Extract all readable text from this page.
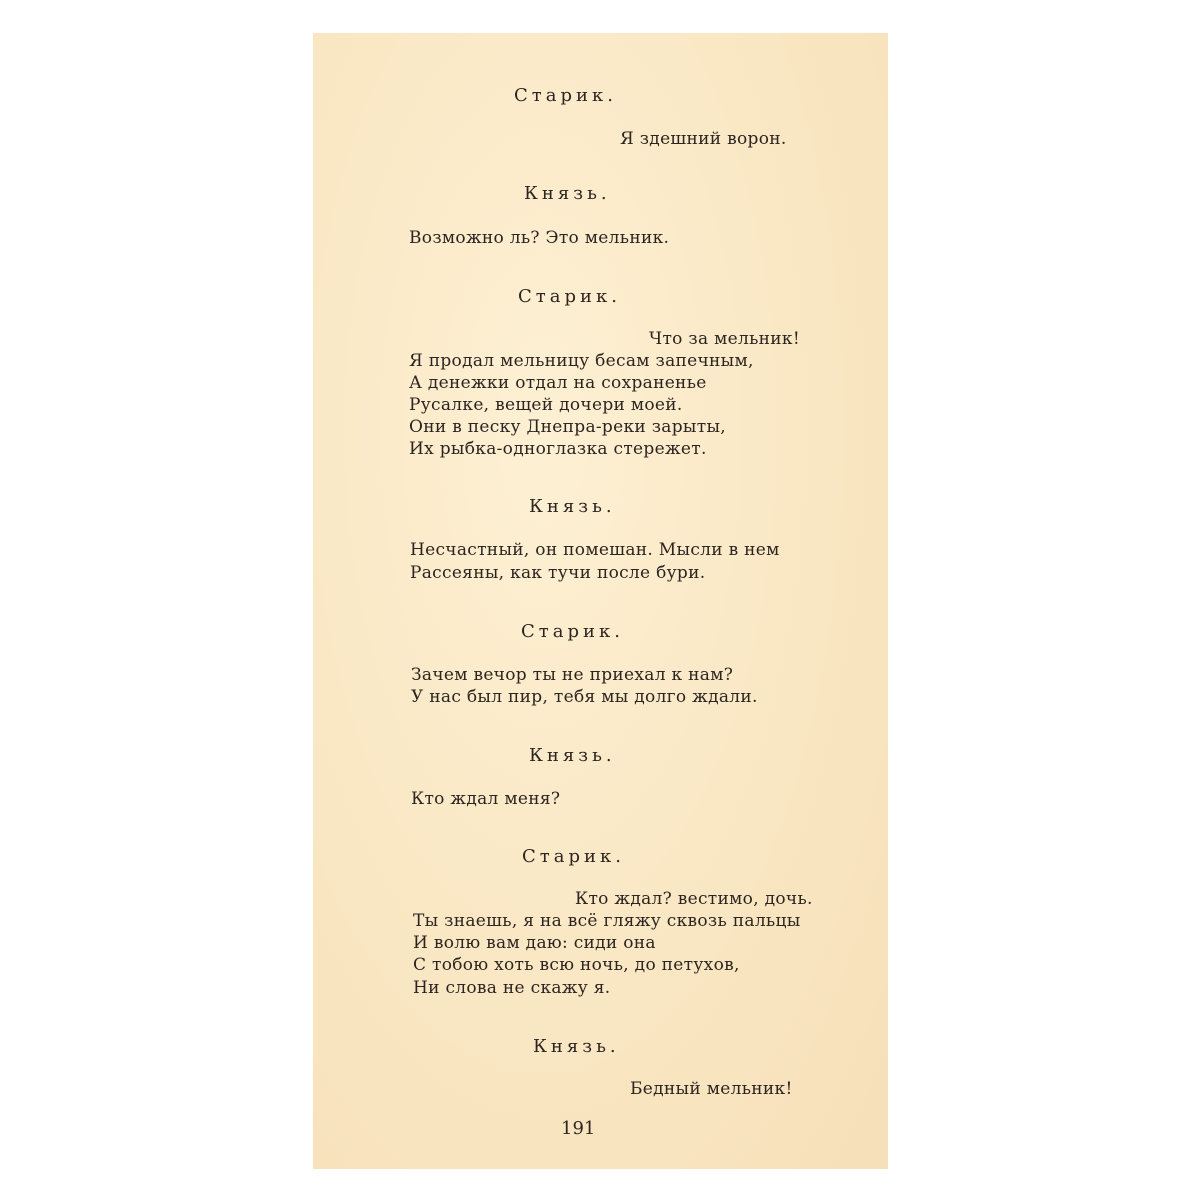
Старик.
Я здешний ворон.
Князь.
Возможно ль? Это мельник.
Старик.
Что за мельник!
Я продал мельницу бесам запечным,
А денежки отдал на сохраненье
Русалке, вещей дочери моей.
Они в песку Днепра-реки зарыты,
Их рыбка-одноглазка стережет.
Князь.
Несчастный, он помешан. Мысли в нем
Рассеяны, как тучи после бури.
Старик.
Зачем вечор ты не приехал к нам?
У нас был пир, тебя мы долго ждали.
Князь.
Кто ждал меня?
Старик.
Кто ждал? вестимо, дочь.
Ты знаешь, я на всё гляжу сквозь пальцы
И волю вам даю: сиди она
С тобою хоть всю ночь, до петухов,
Ни слова не скажу я.
Князь.
Бедный мельник!
191
